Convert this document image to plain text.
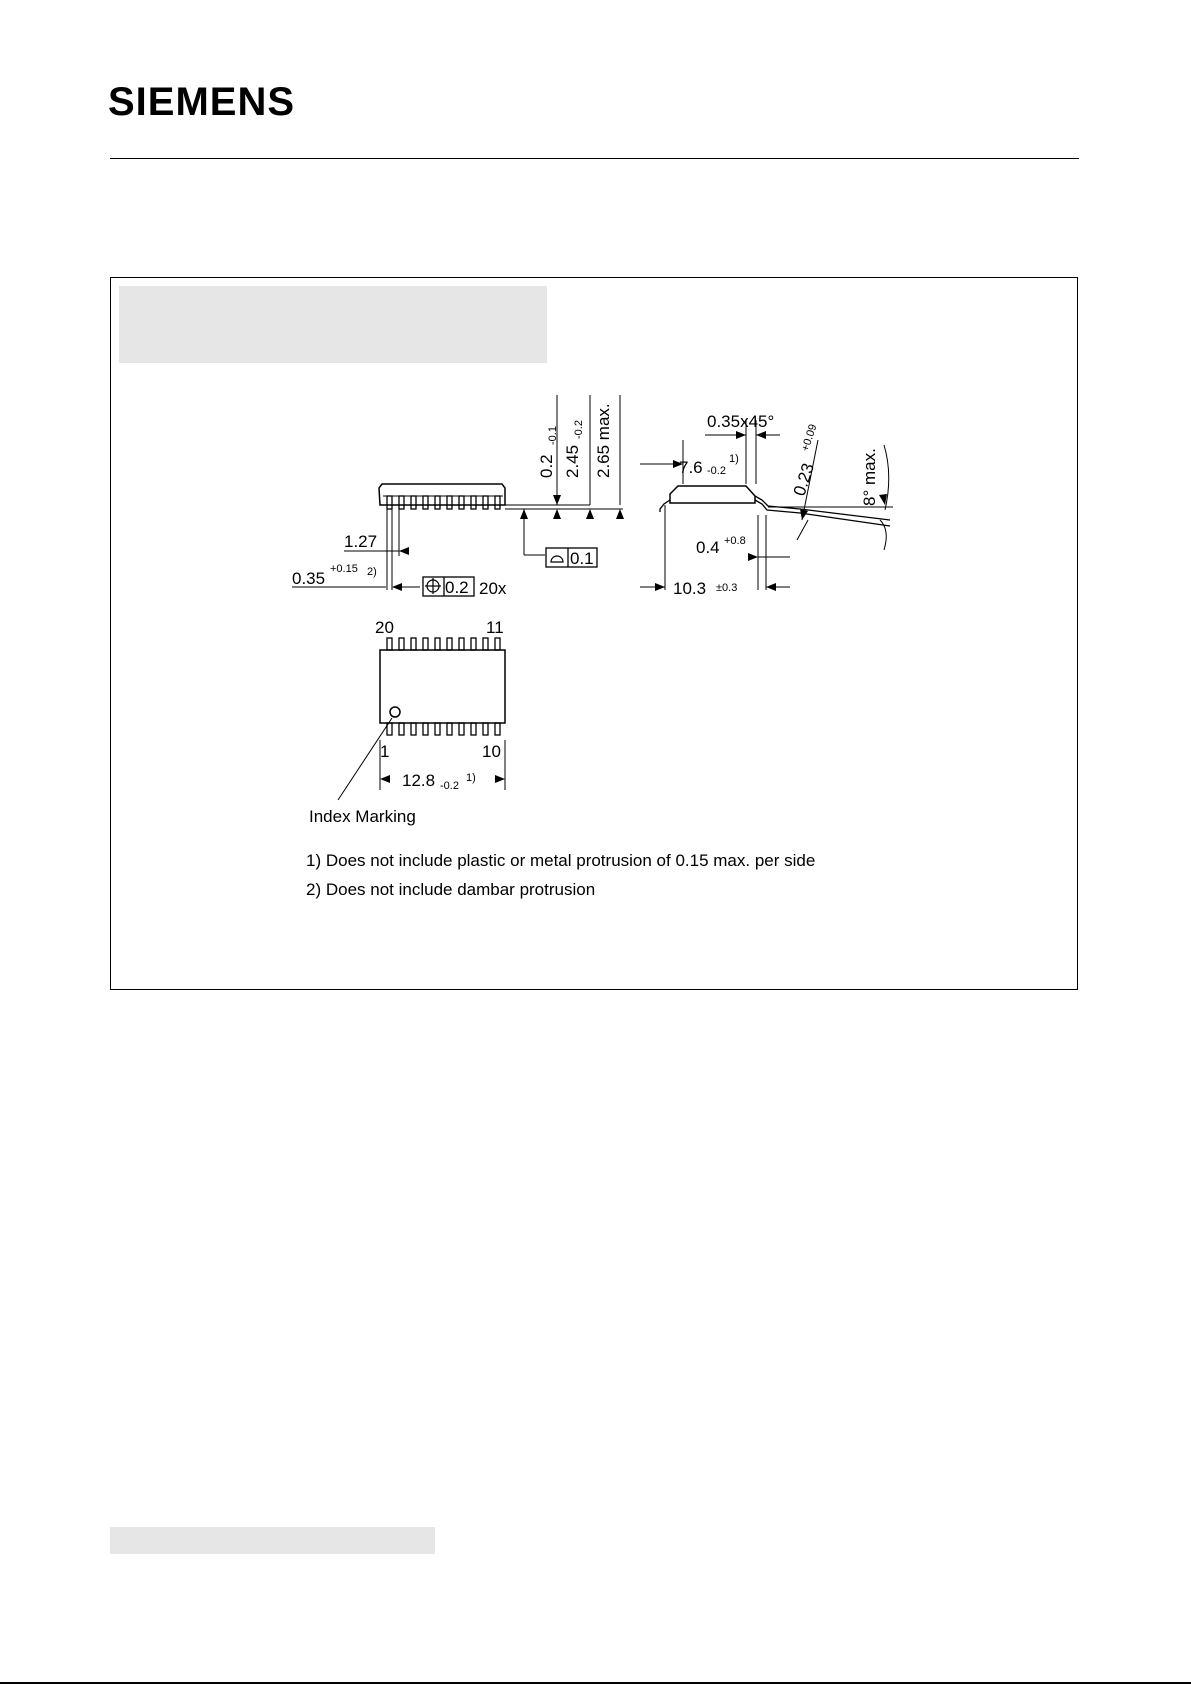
SIEMENS
1.27
0.35 +0.15 2)
0.2 20x
0.1
0.2
-0.1
2.45
-0.2 2.65 max.	0.35x45°
7.6 -0.2
1)
0.23
+0.09
8° max.
0.4 +0.8
10.3 ±0.3
20	11
1	10
12.8 -0.2
1)
Index Marking
1) Does not include plastic or metal protrusion of 0.15 max. per side
2) Does not include dambar protrusion
